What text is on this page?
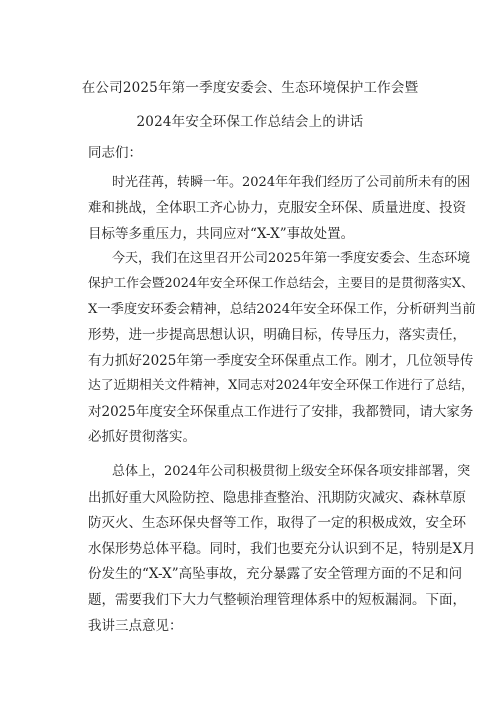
在公司2025年第一季度安委会、生态环境保护工作会暨
2024年安全环保工作总结会上的讲话
同志们：
时光荏苒，转瞬一年。2024年年我们经历了公司前所未有的困
难和挑战，全体职工齐心协力，克服安全环保、质量进度、投资
目标等多重压力，共同应对“X-X”事故处置。
今天，我们在这里召开公司2025年第一季度安委会、生态环境
保护工作会暨2024年安全环保工作总结会，主要目的是贯彻落实X、
X一季度安环委会精神，总结2024年安全环保工作，分析研判当前
形势，进一步提高思想认识，明确目标，传导压力，落实责任，
有力抓好2025年第一季度安全环保重点工作。刚才，几位领导传
达了近期相关文件精神，X同志对2024年安全环保工作进行了总结，
对2025年度安全环保重点工作进行了安排，我都赞同，请大家务
必抓好贯彻落实。
总体上，2024年公司积极贯彻上级安全环保各项安排部署，突
出抓好重大风险防控、隐患排查整治、汛期防灾减灾、森林草原
防灭火、生态环保央督等工作，取得了一定的积极成效，安全环
水保形势总体平稳。同时，我们也要充分认识到不足，特别是X月
份发生的“X-X”高坠事故，充分暴露了安全管理方面的不足和问
题，需要我们下大力气整顿治理管理体系中的短板漏洞。下面，
我讲三点意见：
